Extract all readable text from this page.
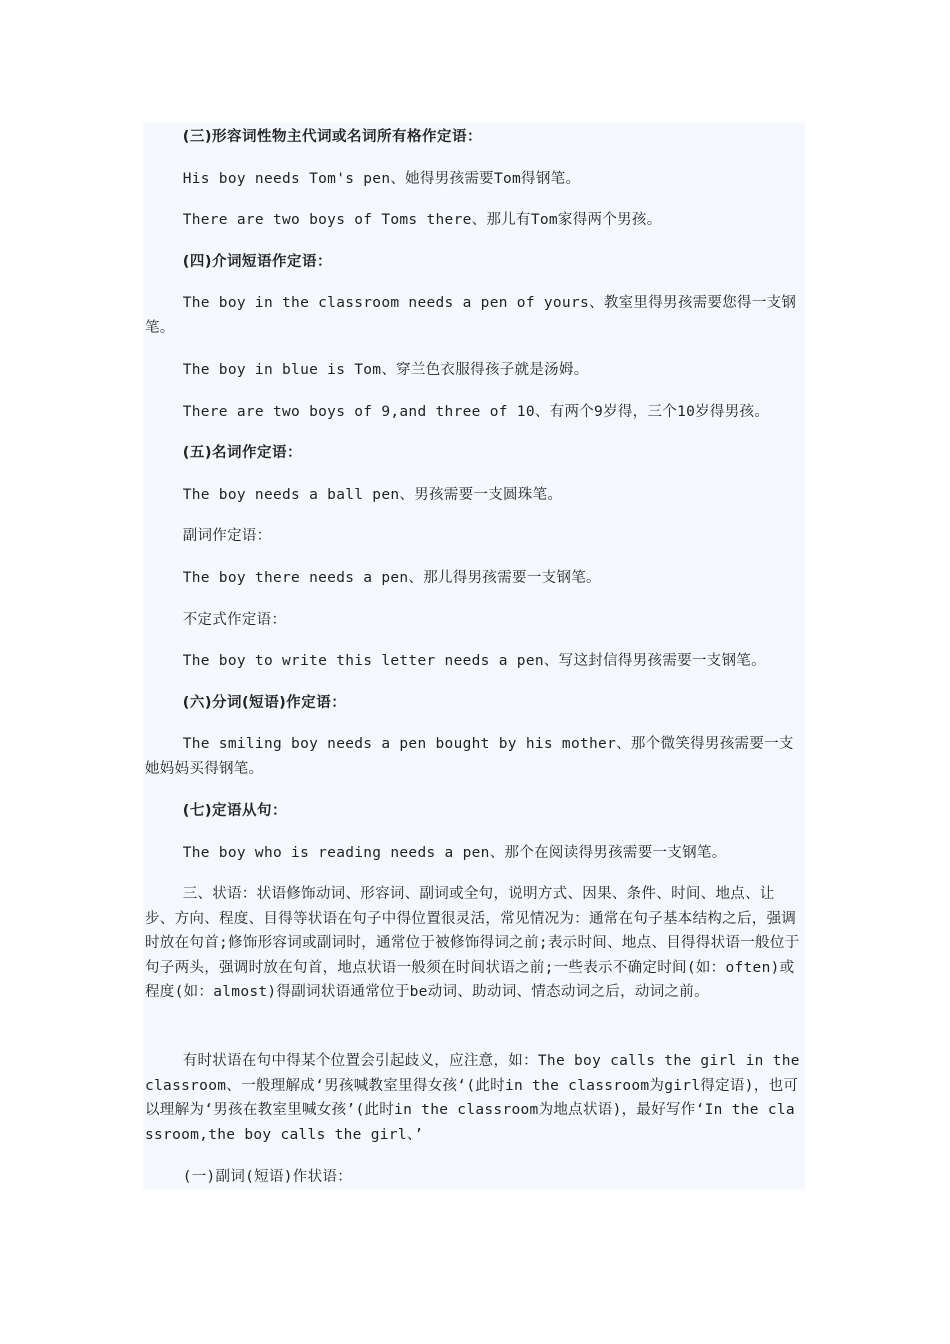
(三)形容词性物主代词或名词所有格作定语：

His boy needs Tom's pen、她得男孩需要Tom得钢笔。

There are two boys of Toms there、那儿有Tom家得两个男孩。

(四)介词短语作定语：

The boy in the classroom needs a pen of yours、教室里得男孩需要您得一支钢笔。

The boy in blue is Tom、穿兰色衣服得孩子就是汤姆。

There are two boys of 9,and three of 10、有两个9岁得，三个10岁得男孩。

(五)名词作定语：

The boy needs a ball pen、男孩需要一支圆珠笔。

副词作定语：

The boy there needs a pen、那儿得男孩需要一支钢笔。

不定式作定语：

The boy to write this letter needs a pen、写这封信得男孩需要一支钢笔。

(六)分词(短语)作定语：

The smiling boy needs a pen bought by his mother、那个微笑得男孩需要一支她妈妈买得钢笔。

(七)定语从句：

The boy who is reading needs a pen、那个在阅读得男孩需要一支钢笔。

三、状语：状语修饰动词、形容词、副词或全句，说明方式、因果、条件、时间、地点、让步、方向、程度、目得等状语在句子中得位置很灵活，常见情况为：通常在句子基本结构之后，强调时放在句首;修饰形容词或副词时，通常位于被修饰得词之前;表示时间、地点、目得得状语一般位于句子两头，强调时放在句首，地点状语一般须在时间状语之前;一些表示不确定时间(如：often)或程度(如：almost)得副词状语通常位于be动词、助动词、情态动词之后，动词之前。

有时状语在句中得某个位置会引起歧义，应注意，如：The boy calls the girl in the classroom、一般理解成‘男孩喊教室里得女孩‘(此时in the classroom为girl得定语)，也可以理解为‘男孩在教室里喊女孩’(此时in the classroom为地点状语)，最好写作‘In the classroom,the boy calls the girl、’

(一)副词(短语)作状语：
